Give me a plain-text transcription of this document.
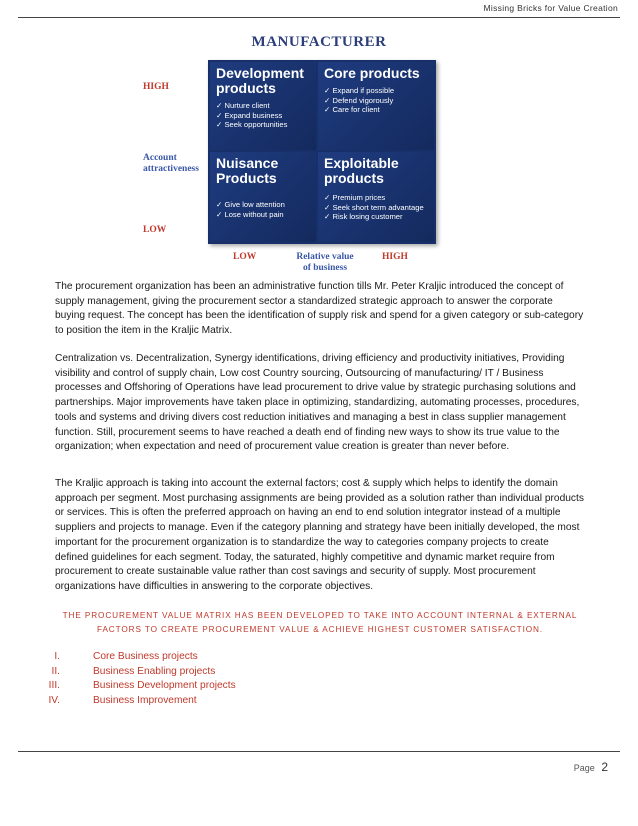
Missing Bricks for Value Creation
MANUFACTURER
HIGH
Account attractiveness
LOW
Development products
✓ Nurture client
✓ Expand business
✓ Seek opportunities
Core products
✓ Expand if possible
✓ Defend vigorously
✓ Care for client
Nuisance Products
✓ Give low attention
✓ Lose without pain
Exploitable products
✓ Premium prices
✓ Seek short term advantage
✓ Risk losing customer
LOW	Relative value of business
HIGH

The procurement organization has been an administrative function tills Mr. Peter Kraljic introduced the concept of supply management, giving the procurement sector a standardized strategic approach to answer the corporate buying request. The concept has been the identification of supply risk and spend for a given category or sub-category to position the item in the Kraljic Matrix.

Centralization vs. Decentralization, Synergy identifications, driving efficiency and productivity initiatives, Providing visibility and control of supply chain, Low cost Country sourcing, Outsourcing of manufacturing/ IT / Business processes and Offshoring of Operations have lead procurement to drive value by strategic purchasing solutions and partnerships. Major improvements have taken place in optimizing, standardizing, automating processes, procedures, tools and systems and driving divers cost reduction initiatives and managing a best in class supplier management function. Still, procurement seems to have reached a death end of finding new ways to show its true value to the organization; when expectation and need of procurement value creation is greater than never before.

The Kraljic approach is taking into account the external factors; cost & supply which helps to identify the domain approach per segment. Most purchasing assignments are being provided as a solution rather than individual products or services. This is often the preferred approach on having an end to end solution integrator instead of a multiple suppliers and projects to manage. Even if the category planning and strategy have been initially developed, the most important for the procurement organization is to standardize the way to categories company projects to create defined guidelines for each segment. Today, the saturated, highly competitive and dynamic market require from procurement to create sustainable value rather than cost savings and security of supply. Most procurement organizations have difficulties in answering to the corporate objectives.

THE PROCUREMENT VALUE MATRIX HAS BEEN DEVELOPED TO TAKE INTO ACCOUNT INTERNAL & EXTERNAL FACTORS TO CREATE PROCUREMENT VALUE & ACHIEVE HIGHEST CUSTOMER SATISFACTION.
I.	Core Business projects
II.	Business Enabling projects
III.	Business Development projects
IV.	Business Improvement
Page 2
